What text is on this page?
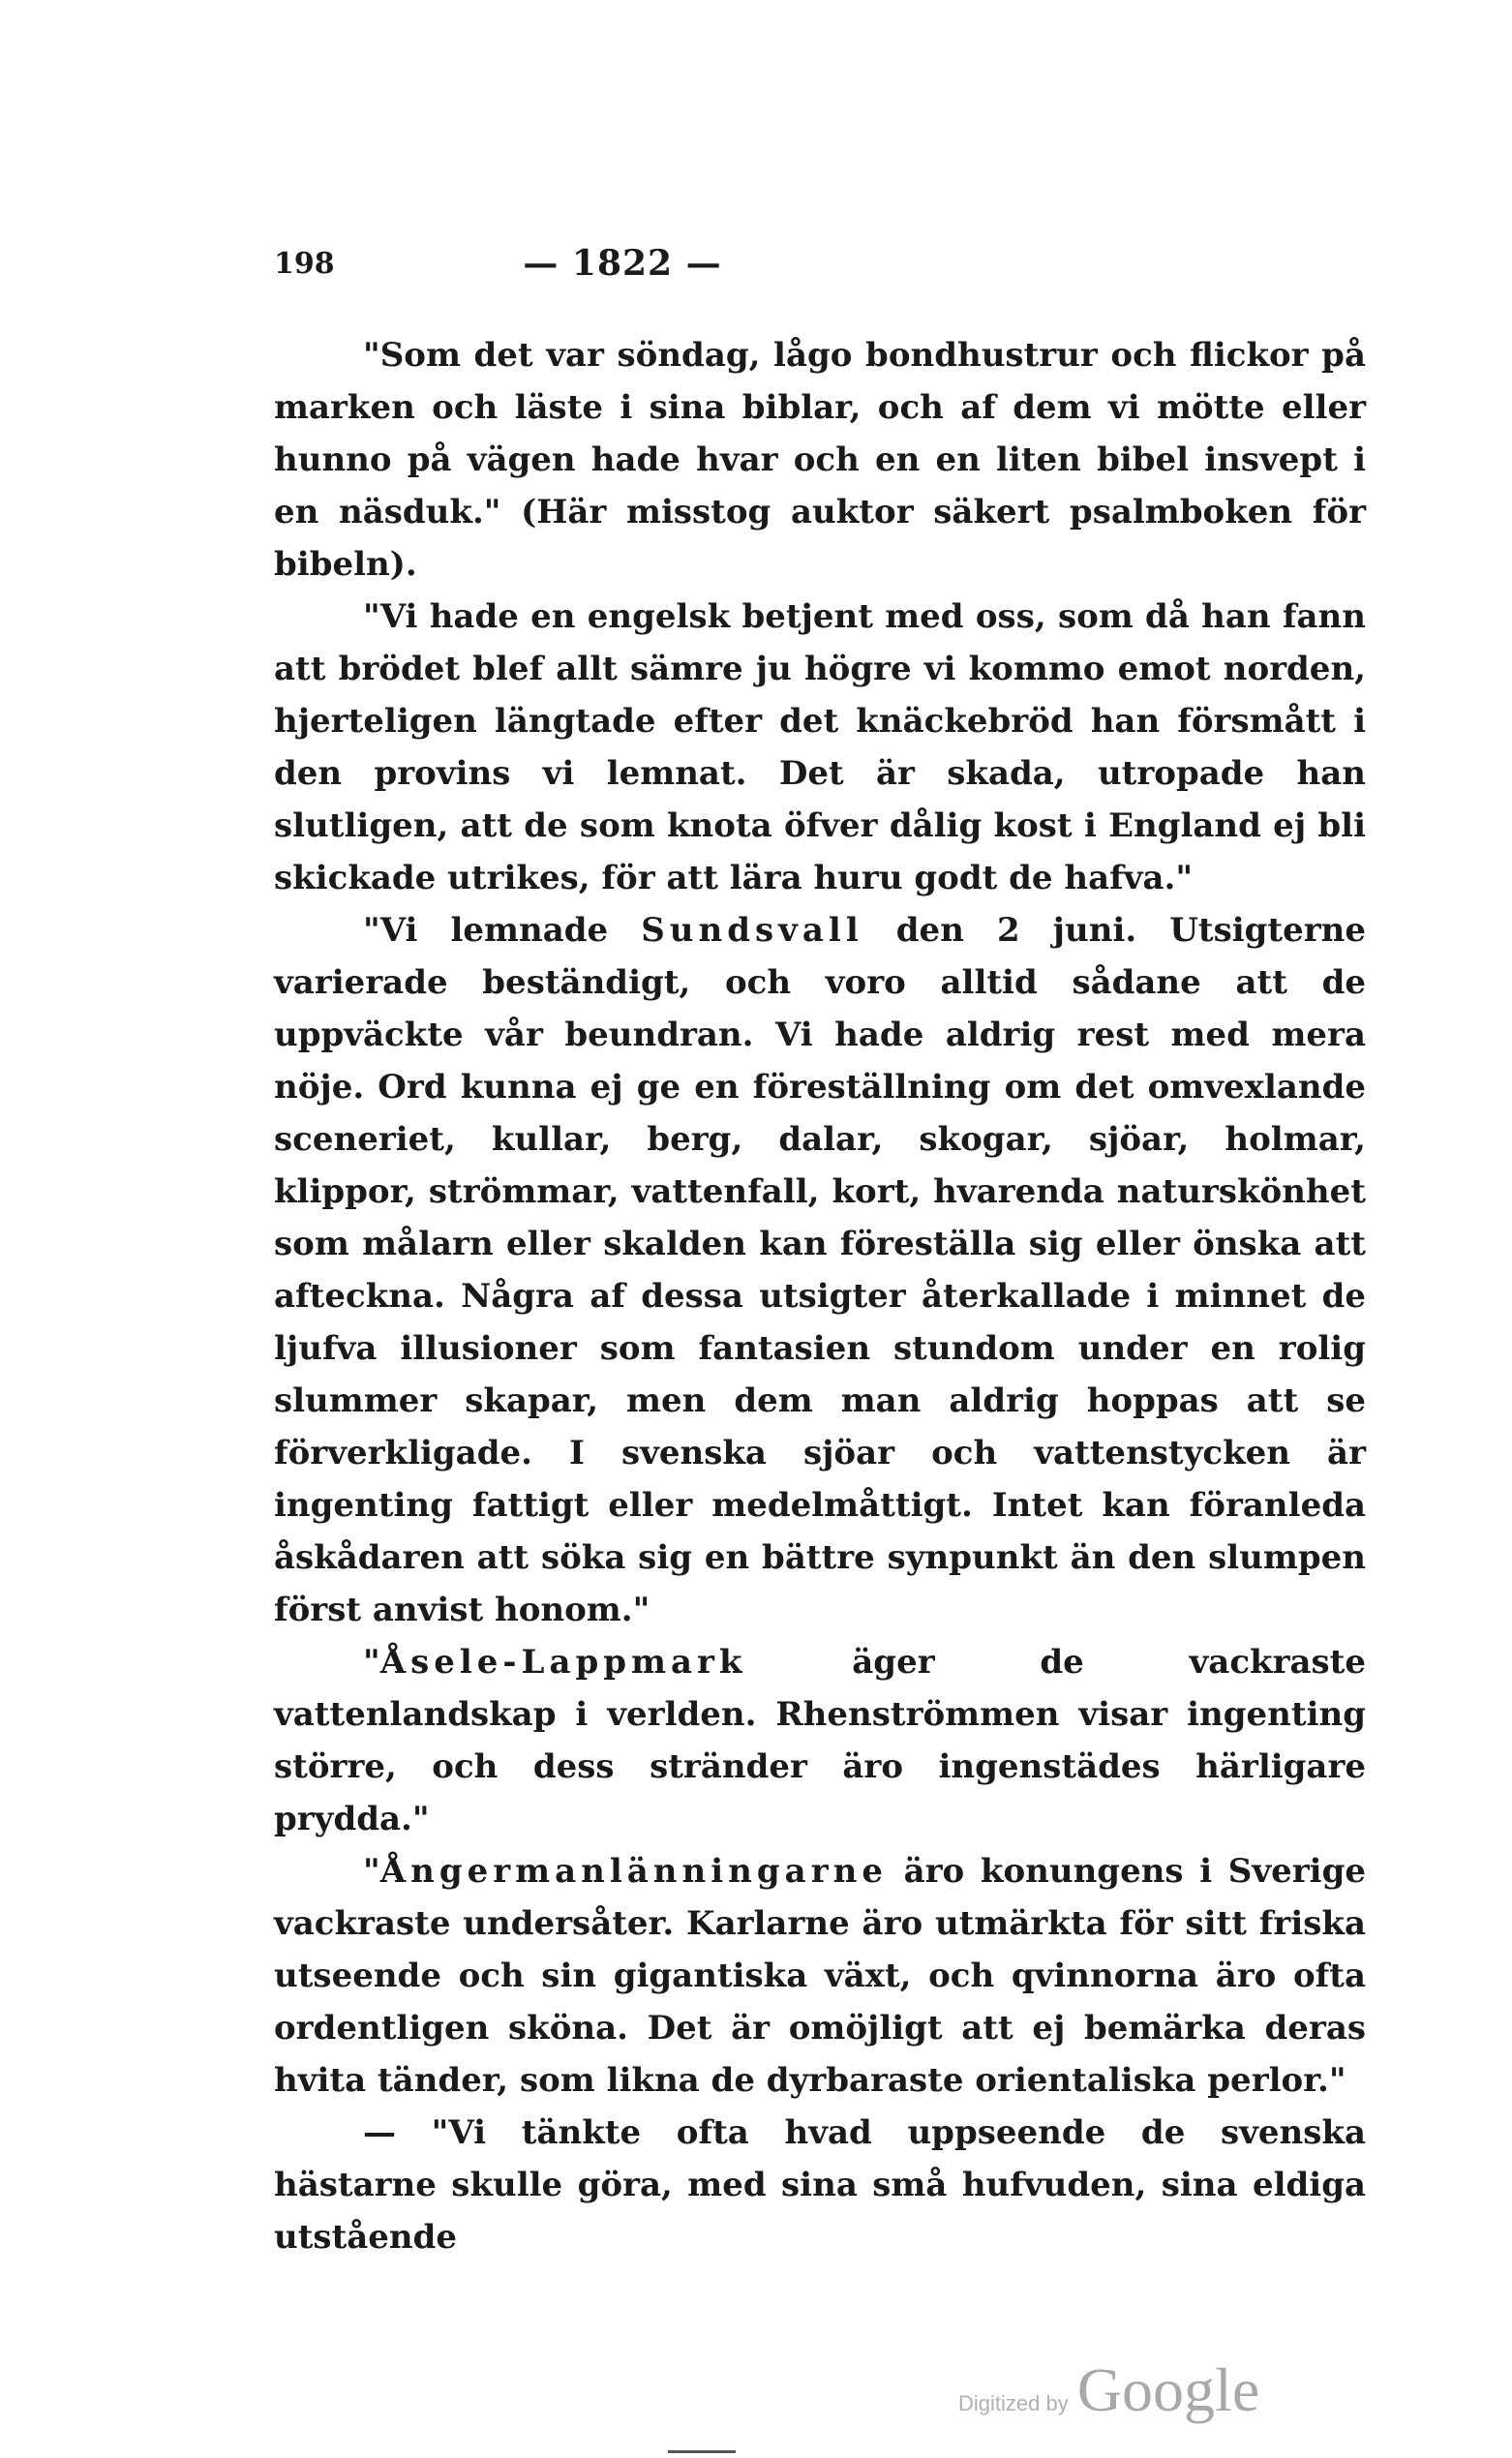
198	— 1822 —

"Som det var söndag, lågo bondhustrur och flickor på marken och läste i sina biblar, och af dem vi mötte eller hunno på vägen hade hvar och en en liten bibel insvept i en näsduk." (Här misstog auktor säkert psalmboken för bibeln).

"Vi hade en engelsk betjent med oss, som då han fann att brödet blef allt sämre ju högre vi kommo emot norden, hjerteligen längtade efter det knäckebröd han försmått i den provins vi lemnat. Det är skada, utropade han slutligen, att de som knota öfver dålig kost i England ej bli skickade utrikes, för att lära huru godt de hafva."

"Vi lemnade Sundsvall den 2 juni. Utsigterne varierade beständigt, och voro alltid sådane att de uppväckte vår beundran. Vi hade aldrig rest med mera nöje. Ord kunna ej ge en föreställning om det omvexlande sceneriet, kullar, berg, dalar, skogar, sjöar, holmar, klippor, strömmar, vattenfall, kort, hvarenda naturskönhet som målarn eller skalden kan föreställa sig eller önska att afteckna. Några af dessa utsigter återkallade i minnet de ljufva illusioner som fantasien stundom under en rolig slummer skapar, men dem man aldrig hoppas att se förverkligade. I svenska sjöar och vattenstycken är ingenting fattigt eller medelmåttigt. Intet kan föranleda åskådaren att söka sig en bättre synpunkt än den slumpen först anvist honom."

"Åsele-Lappmark äger de vackraste vattenlandskap i verlden. Rhenströmmen visar ingenting större, och dess stränder äro ingenstädes härligare prydda."

"Ångermanlänningarne äro konungens i Sverige vackraste undersåter. Karlarne äro utmärkta för sitt friska utseende och sin gigantiska växt, och qvinnorna äro ofta ordentligen sköna. Det är omöjligt att ej bemärka deras hvita tänder, som likna de dyrbaraste orientaliska perlor."

— "Vi tänkte ofta hvad uppseende de svenska hästarne skulle göra, med sina små hufvuden, sina eldiga utstående

Digitized by Google
